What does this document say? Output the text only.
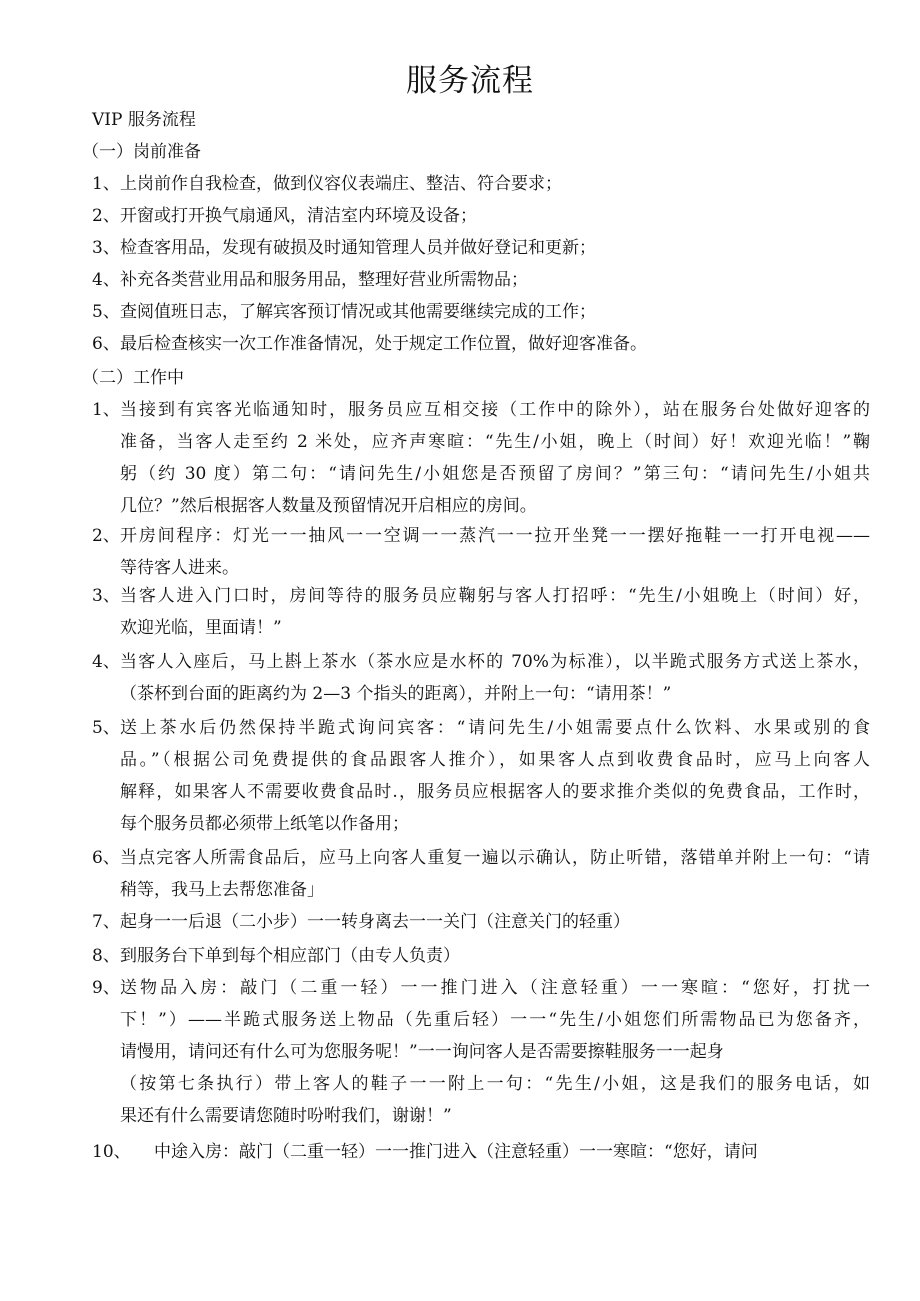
服务流程
VIP 服务流程
（一）岗前准备
1、 上岗前作自我检查，做到仪容仪表端庄、整洁、符合要求；
2、 开窗或打开换气扇通风，清洁室内环境及设备；
3、 检查客用品，发现有破损及时通知管理人员并做好登记和更新；
4、 补充各类营业用品和服务用品，整理好营业所需物品；
5、 查阅值班日志，了解宾客预订情况或其他需要继续完成的工作；
6、 最后检查核实一次工作准备情况，处于规定工作位置，做好迎客准备。
（二）工作中
1、 当接到有宾客光临通知时，服务员应互相交接（工作中的除外），站在服务台处做好迎客的
准备，当客人走至约 2 米处，应齐声寒暄：“先生/小姐，晚上（时间）好！欢迎光临！”鞠
躬（约 30 度）第二句：“请问先生/小姐您是否预留了房间？”第三句：“请问先生/小姐共
几位？”然后根据客人数量及预留情况开启相应的房间。
2、 开房间程序：灯光一一抽风一一空调一一蒸汽一一拉开坐凳一一摆好拖鞋一一打开电视——
等待客人进来。
3、 当客人进入门口时，房间等待的服务员应鞠躬与客人打招呼：“先生/小姐晚上（时间）好，
欢迎光临，里面请！”
4、 当客人入座后，马上斟上茶水（茶水应是水杯的 70%为标准），以半跪式服务方式送上茶水，
（茶杯到台面的距离约为 2—3 个指头的距离），并附上一句：“请用茶！”
5、 送上茶水后仍然保持半跪式询问宾客：“请问先生/小姐需要点什么饮料、水果或别的食
品。”（根据公司免费提供的食品跟客人推介），如果客人点到收费食品时，应马上向客人
解释，如果客人不需要收费食品时.，服务员应根据客人的要求推介类似的免费食品，工作时，
每个服务员都必须带上纸笔以作备用；
6、 当点完客人所需食品后，应马上向客人重复一遍以示确认，防止听错，落错单并附上一句：“请
稍等，我马上去帮您准备」
7、 起身一一后退（二小步）一一转身离去一一关门（注意关门的轻重）
8、 到服务台下单到每个相应部门（由专人负责）
9、 送物品入房：敲门（二重一轻）一一推门进入（注意轻重）一一寒暄：“您好，打扰一
下！”）——半跪式服务送上物品（先重后轻）一一“先生/小姐您们所需物品已为您备齐，
请慢用，请问还有什么可为您服务呢！”一一询问客人是否需要擦鞋服务一一起身
（按第七条执行）带上客人的鞋子一一附上一句：“先生/小姐，这是我们的服务电话，如
果还有什么需要请您随时吩咐我们，谢谢！”
10、 中途入房：敲门（二重一轻）一一推门进入（注意轻重）一一寒暄：“您好，请问
